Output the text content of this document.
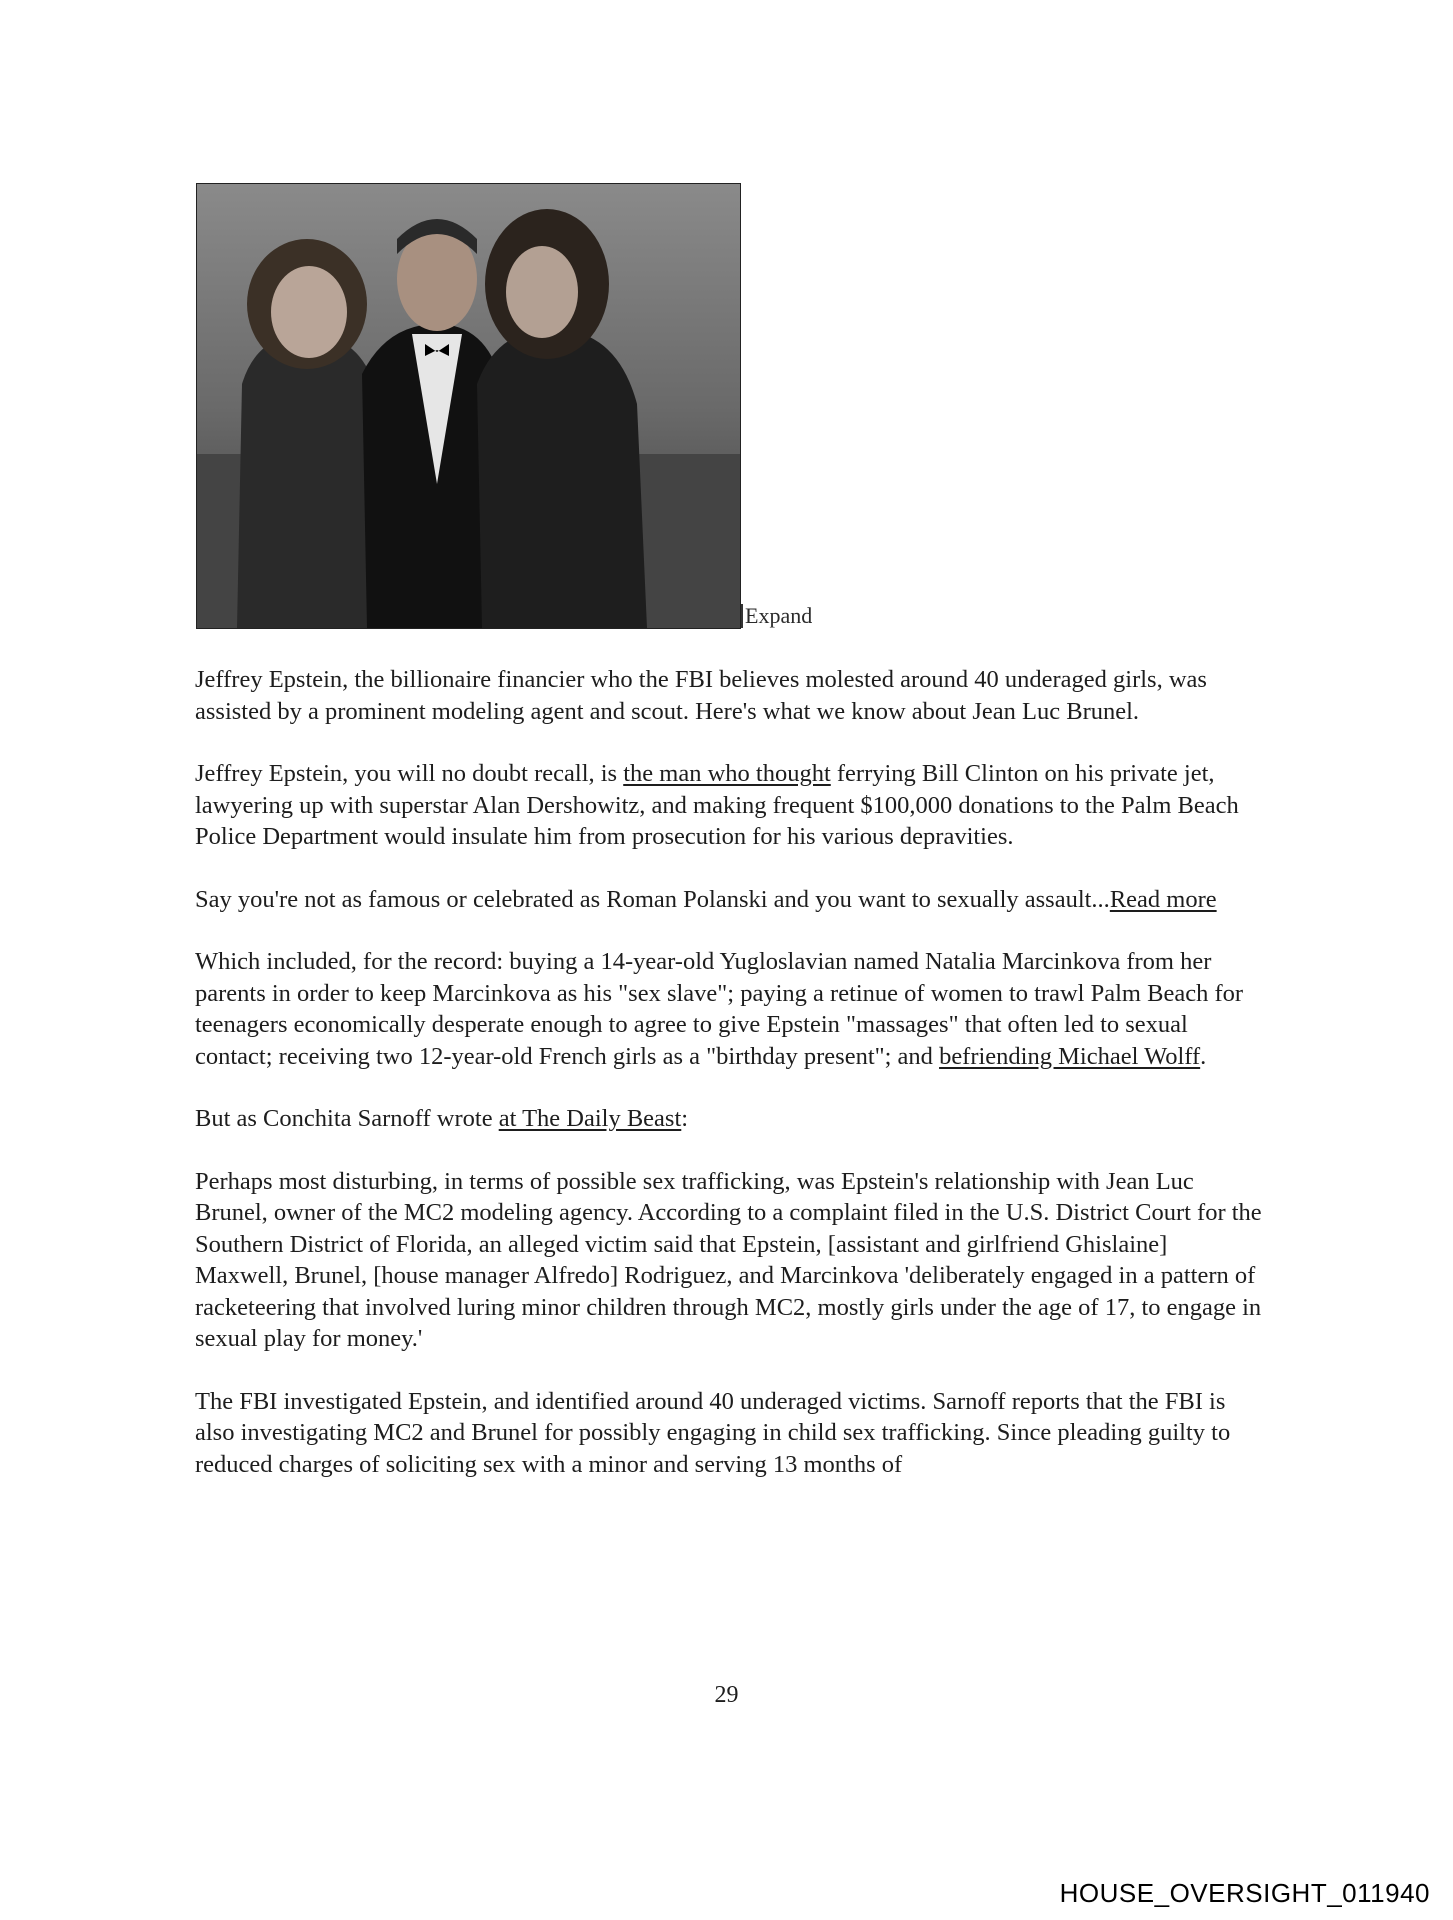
Expand

Jeffrey Epstein, the billionaire financier who the FBI believes molested around 40 underaged girls, was assisted by a prominent modeling agent and scout. Here's what we know about Jean Luc Brunel.

Jeffrey Epstein, you will no doubt recall, is the man who thought ferrying Bill Clinton on his private jet, lawyering up with superstar Alan Dershowitz, and making frequent $100,000 donations to the Palm Beach Police Department would insulate him from prosecution for his various depravities.

Say you're not as famous or celebrated as Roman Polanski and you want to sexually assault...Read more

Which included, for the record: buying a 14-year-old Yugloslavian named Natalia Marcinkova from her parents in order to keep Marcinkova as his "sex slave"; paying a retinue of women to trawl Palm Beach for teenagers economically desperate enough to agree to give Epstein "massages" that often led to sexual contact; receiving two 12-year-old French girls as a "birthday present"; and befriending Michael Wolff.

But as Conchita Sarnoff wrote at The Daily Beast:

Perhaps most disturbing, in terms of possible sex trafficking, was Epstein's relationship with Jean Luc Brunel, owner of the MC2 modeling agency. According to a complaint filed in the U.S. District Court for the Southern District of Florida, an alleged victim said that Epstein, [assistant and girlfriend Ghislaine] Maxwell, Brunel, [house manager Alfredo] Rodriguez, and Marcinkova 'deliberately engaged in a pattern of racketeering that involved luring minor children through MC2, mostly girls under the age of 17, to engage in sexual play for money.'

The FBI investigated Epstein, and identified around 40 underaged victims. Sarnoff reports that the FBI is also investigating MC2 and Brunel for possibly engaging in child sex trafficking. Since pleading guilty to reduced charges of soliciting sex with a minor and serving 13 months of

29
HOUSE_OVERSIGHT_011940
